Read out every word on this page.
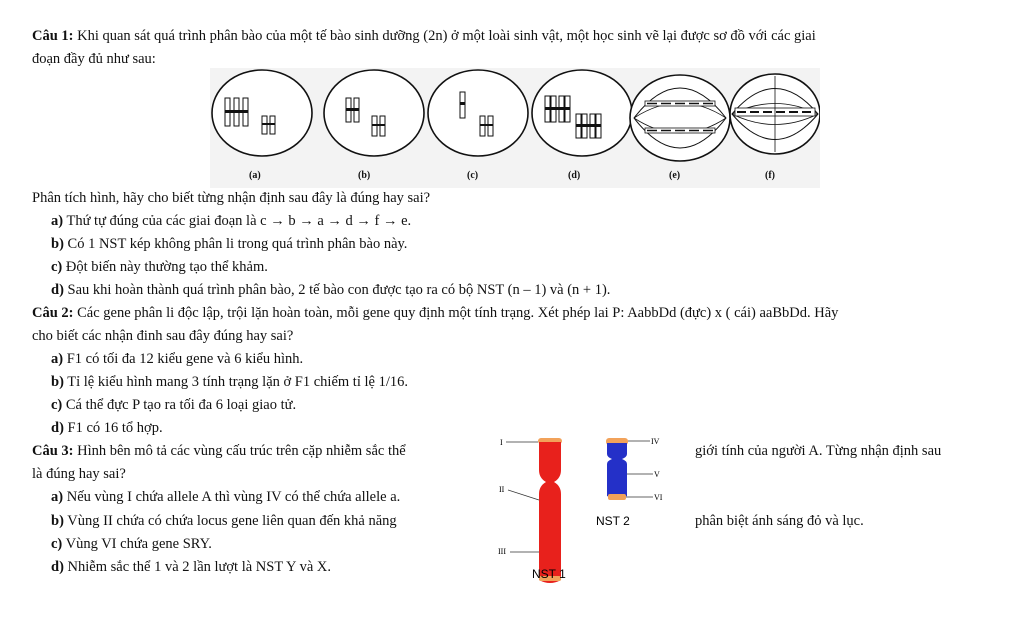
Câu 1: Khi quan sát quá trình phân bào của một tế bào sinh dưỡng (2n) ở một loài sinh vật, một học sinh vẽ lại được sơ đồ với các giai
đoạn đầy đủ như sau:
(a)	(b)	(c)	(d)	(e)	(f)
Phân tích hình, hãy cho biết từng nhận định sau đây là đúng hay sai?
a) Thứ tự đúng của các giai đoạn là c → b → a → d → f → e.
b) Có 1 NST kép không phân li trong quá trình phân bào này.
c) Đột biến này thường tạo thể khảm.
d) Sau khi hoàn thành quá trình phân bào, 2 tế bào con được tạo ra có bộ NST (n – 1) và (n + 1).
Câu 2: Các gene phân li độc lập, trội lặn hoàn toàn, mỗi gene quy định một tính trạng. Xét phép lai P: AabbDd (đực) x ( cái) aaBbDd. Hãy
cho biết các nhận đinh sau đây đúng hay sai?
a) F1 có tối đa 12 kiểu gene và 6 kiểu hình.
b) Tỉ lệ kiểu hình mang 3 tính trạng lặn ở F1 chiếm tỉ lệ 1/16.
c) Cá thể đực P tạo ra tối đa 6 loại giao tử.
d) F1 có 16 tổ hợp.
Câu 3: Hình bên mô tả các vùng cấu trúc trên cặp nhiễm sắc thể	giới tính của người A. Từng nhận định sau
là đúng hay sai?
a) Nếu vùng I chứa allele A thì vùng IV có thể chứa allele a.
b) Vùng II chứa có chứa locus gene liên quan đến khả năng	phân biệt ánh sáng đỏ và lục.
c) Vùng VI chứa gene SRY.
d) Nhiễm sắc thể 1 và 2 lần lượt là NST Y và X.
I
II
III
IV
V
VI
NST 1
NST 2
